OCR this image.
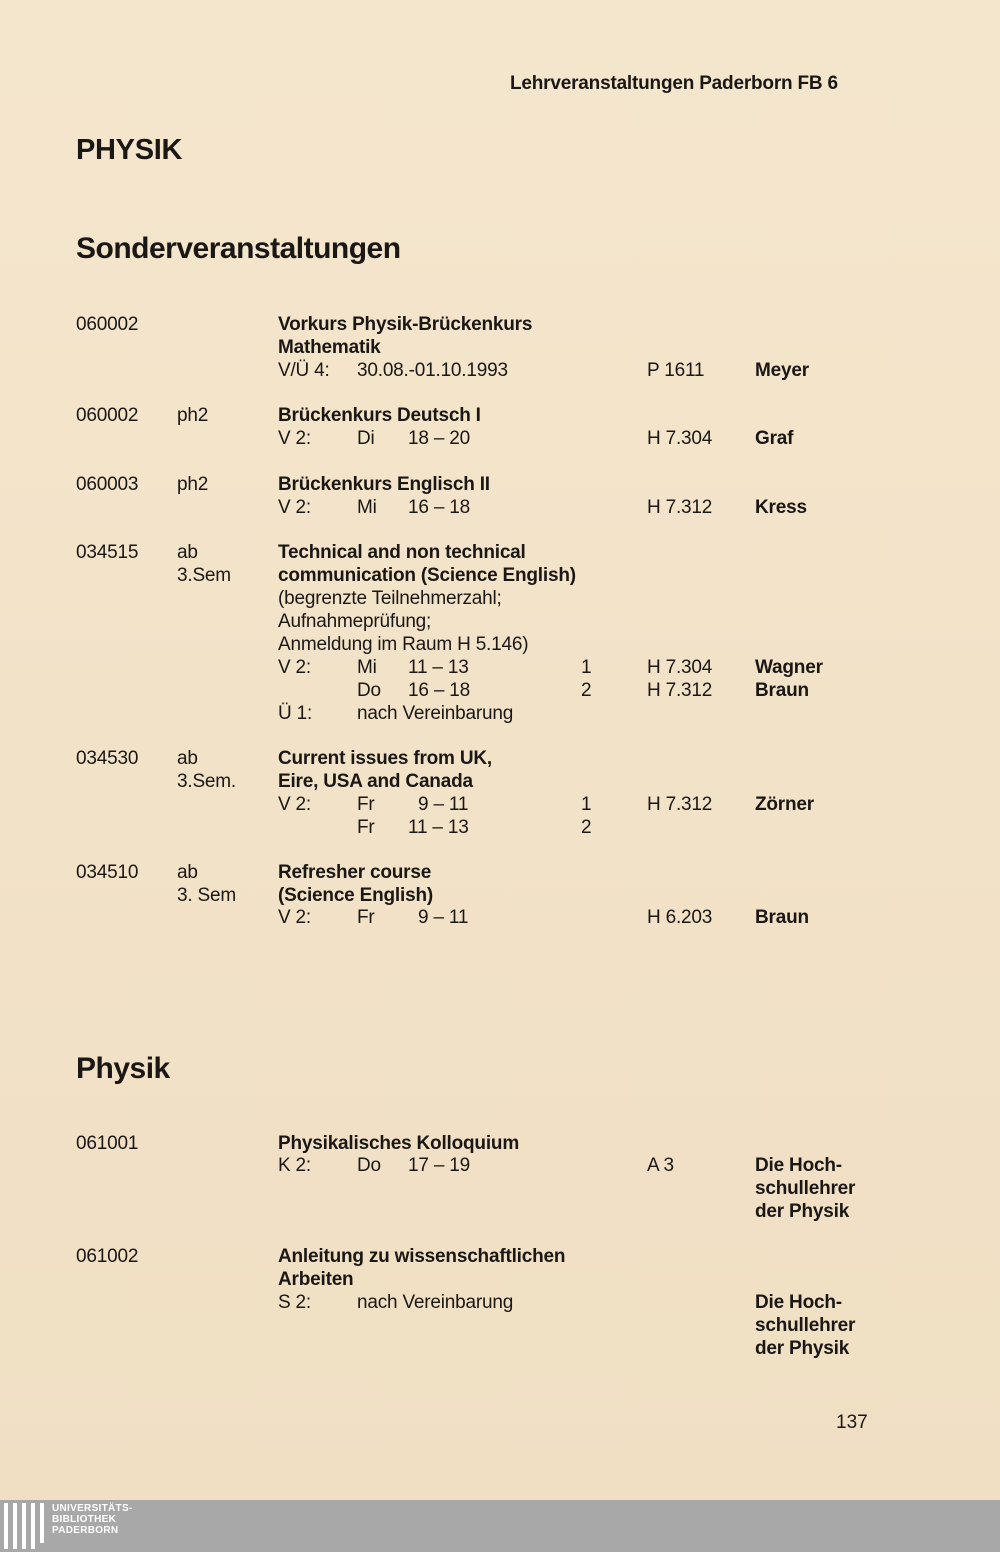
Lehrveranstaltungen Paderborn FB 6
PHYSIK
Sonderveranstaltungen
060002	Vorkurs Physik-Brückenkurs
Mathematik
V/Ü 4: 30.08.-01.10.1993	P 1611	Meyer
060002 ph2	Brückenkurs Deutsch I
V 2: Di 18 – 20	H 7.304 Graf
060003 ph2	Brückenkurs Englisch II
V 2: Mi 16 – 18	H 7.312 Kress
034515 ab
3.Sem
Technical and non technical
communication (Science English)
(begrenzte Teilnehmerzahl;
Aufnahmeprüfung;
Anmeldung im Raum H 5.146)
V 2: Mi 11 – 13	1	H 7.304 Wagner
Do 16 – 18	2	H 7.312 Braun
Ü 1: nach Vereinbarung
034530 ab
3.Sem.
Current issues from UK,
Eire, USA and Canada
V 2: Fr 9 – 11	1	H 7.312 Zörner
Fr 11 – 13	2
034510 ab
3. Sem
Refresher course
(Science English)
V 2: Fr 9 – 11	H 6.203 Braun
Physik
061001	Physikalisches Kolloquium
K 2: Do 17 – 19	A 3	Die Hoch-
schullehrer
der Physik
061002	Anleitung zu wissenschaftlichen
Arbeiten
S 2: nach Vereinbarung	Die Hoch-
schullehrer
der Physik
137
UNIVERSITÄTS-
BIBLIOTHEK
PADERBORN
